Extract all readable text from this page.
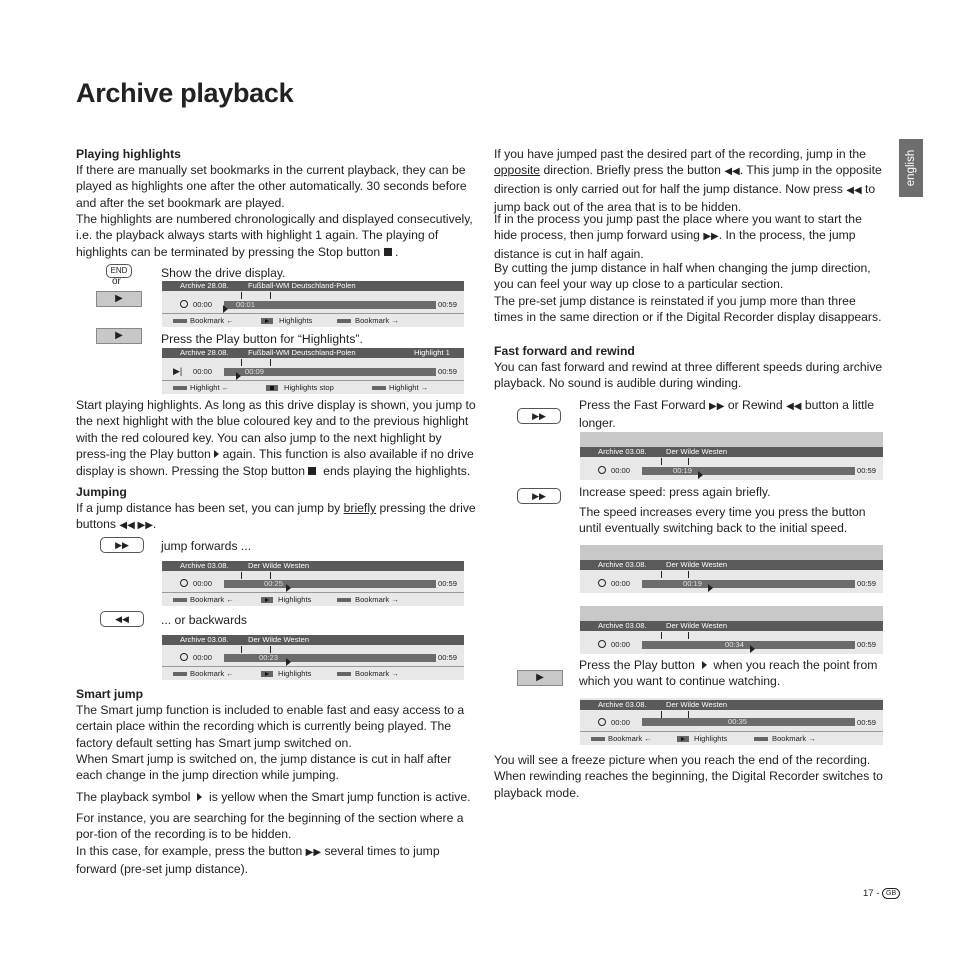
Archive playback
english
Playing highlights
If there are manually set bookmarks in the current playback, they can be played as highlights one after the other automatically. 30 seconds before and after the set bookmark are played.
The highlights are numbered chronologically and displayed consecutively, i.e. the playback always starts with highlight 1 again. The playing of highlights can be terminated by pressing the Stop button  .
END
or
▶
Show the drive display.
Archive 28.08.	Fußball-WM Deutschland-Polen
00:00	00:01	00:59
Bookmark ←	Highlights	Bookmark →
▶	Press the Play button for “Highlights”.
Archive 28.08.	Fußball-WM Deutschland-Polen	Highlight 1
▶| 00:00	00:09	00:59
Highlight ←	Highlights stop	Highlight →
Start playing highlights. As long as this drive display is shown, you jump to the next highlight with the blue coloured key and to the previous highlight with the red coloured key. You can also jump to the next highlight by press-ing the Play button again. This function is also available if no drive display is shown. Pressing the Stop button ends playing the highlights.
Jumping
If a jump distance has been set, you can jump by briefly pressing the drive buttons ◀◀ ▶▶.
▶▶	jump forwards ...
Archive 03.08.	Der Wilde Westen
00:00	00:25	00:59
Bookmark ←	Highlights	Bookmark →
◀◀	... or backwards
Archive 03.08.	Der Wilde Westen
00:00	00:23	00:59
Bookmark ←	Highlights	Bookmark →
Smart jump
The Smart jump function is included to enable fast and easy access to a certain place within the recording which is currently being played. The factory default setting has Smart jump switched on.
When Smart jump is switched on, the jump distance is cut in half after each change in the jump direction while jumping.
The playback symbol is yellow when the Smart jump function is active.
For instance, you are searching for the beginning of the section where a por-tion of the recording is to be hidden.
In this case, for example, press the button ▶▶ several times to jump forward (pre-set jump distance).
If you have jumped past the desired part of the recording, jump in the opposite direction. Briefly press the button ◀◀. This jump in the opposite direction is only carried out for half the jump distance. Now press ◀◀ to jump back out of the area that is to be hidden.
If in the process you jump past the place where you want to start the hide process, then jump forward using ▶▶. In the process, the jump distance is cut in half again.
By cutting the jump distance in half when changing the jump direction, you can feel your way up close to a particular section.
The pre-set jump distance is reinstated if you jump more than three times in the same direction or if the Digital Recorder display disappears.
Fast forward and rewind
You can fast forward and rewind at three different speeds during archive playback. No sound is audible during winding.
▶▶
Press the Fast Forward ▶▶ or Rewind ◀◀ button a little longer.
Archive 03.08.	Der Wilde Westen
00:00	00:19	00:59
▶▶	Increase speed: press again briefly.
The speed increases every time you press the button until eventually switching back to the initial speed.
Archive 03.08.	Der Wilde Westen
00:00	00:19	00:59
Archive 03.08.	Der Wilde Westen
00:00	00:34	00:59
▶
Press the Play button when you reach the point from which you want to continue watching.
Archive 03.08.	Der Wilde Westen
00:00	00:35	00:59
Bookmark ←	Highlights	Bookmark →
You will see a freeze picture when you reach the end of the recording. When rewinding reaches the beginning, the Digital Recorder switches to playback mode.
17 - GB
